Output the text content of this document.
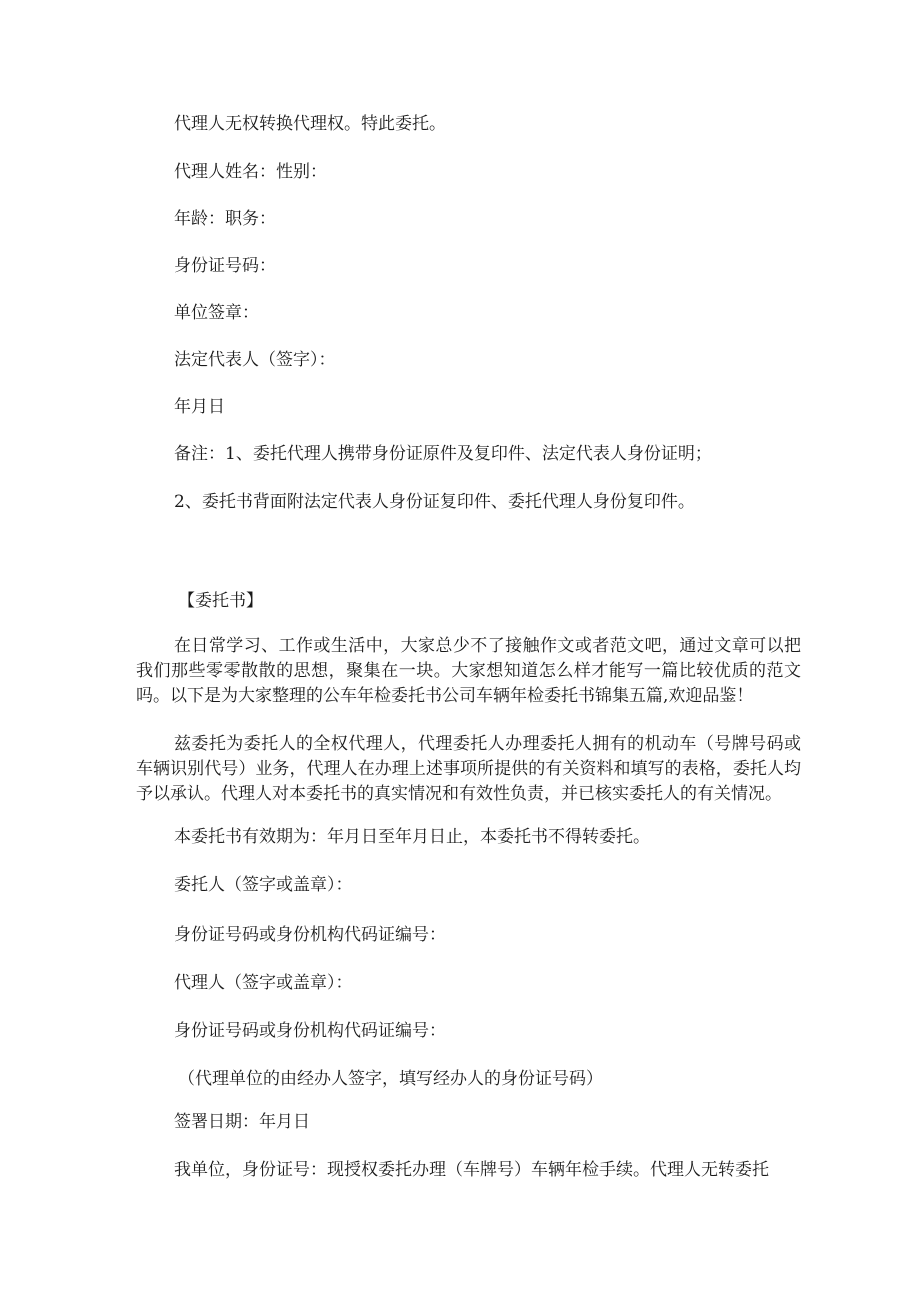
代理人无权转换代理权。特此委托。

代理人姓名：性别：

年龄：职务：

身份证号码：

单位签章：

法定代表人（签字）：

年月日

备注：1、委托代理人携带身份证原件及复印件、法定代表人身份证明；

2、委托书背面附法定代表人身份证复印件、委托代理人身份复印件。

【委托书】

在日常学习、工作或生活中，大家总少不了接触作文或者范文吧，通过文章可以把我们那些零零散散的思想，聚集在一块。大家想知道怎么样才能写一篇比较优质的范文吗。以下是为大家整理的公车年检委托书公司车辆年检委托书锦集五篇,欢迎品鉴！

兹委托为委托人的全权代理人，代理委托人办理委托人拥有的机动车（号牌号码或车辆识别代号）业务，代理人在办理上述事项所提供的有关资料和填写的表格，委托人均予以承认。代理人对本委托书的真实情况和有效性负责，并已核实委托人的有关情况。

本委托书有效期为：年月日至年月日止，本委托书不得转委托。

委托人（签字或盖章）：

身份证号码或身份机构代码证编号：

代理人（签字或盖章）：

身份证号码或身份机构代码证编号：

（代理单位的由经办人签字，填写经办人的身份证号码）

签署日期：年月日

我单位，身份证号：现授权委托办理（车牌号）车辆年检手续。代理人无转委托
